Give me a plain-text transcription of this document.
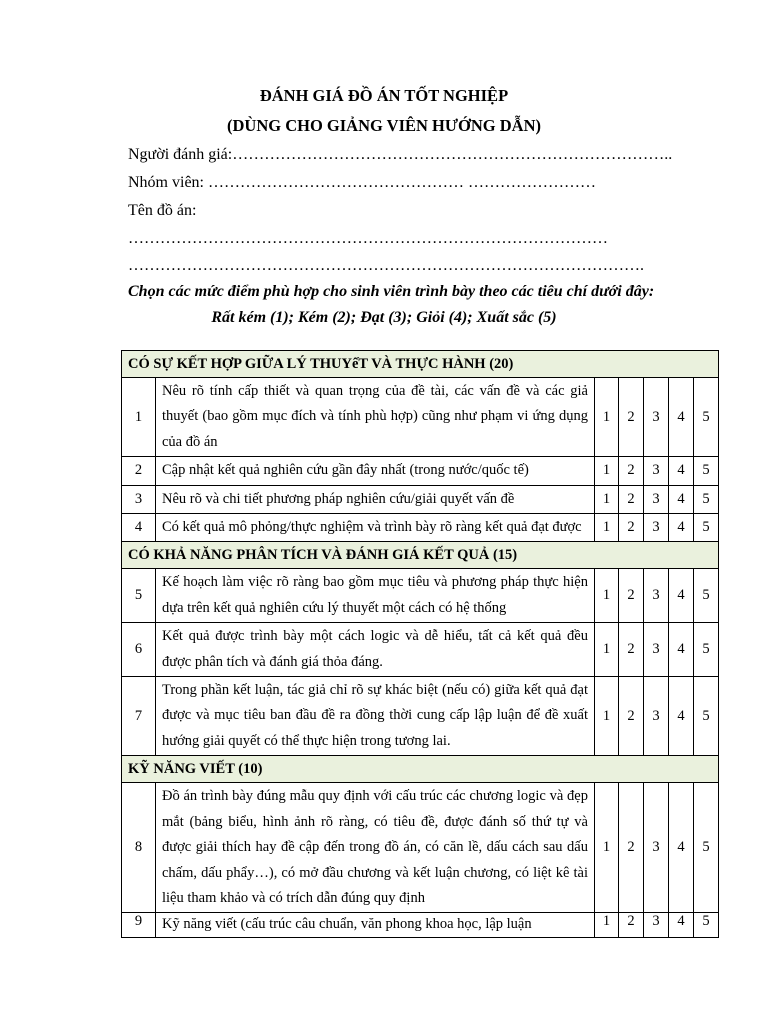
ĐÁNH GIÁ ĐỒ ÁN TỐT NGHIỆP
(DÙNG CHO GIẢNG VIÊN HƯỚNG DẪN)
Người đánh giá:………………………………………………………………………..
Nhóm viên: ………………………………………… ……………………
Tên đồ án:
………………………………………………………………………………
…………………………………………………………………………………….
Chọn các mức điểm phù hợp cho sinh viên trình bày theo các tiêu chí dưới đây:
Rất kém (1); Kém (2); Đạt (3); Giỏi (4); Xuất sắc (5)
CÓ SỰ KẾT HỢP GIỮA LÝ THUYếT VÀ THỰC HÀNH (20)						
1	Nêu rõ tính cấp thiết và quan trọng của đề tài, các vấn đề và các giả thuyết (bao gồm mục đích và tính phù hợp) cũng như phạm vi ứng dụng của đồ án	1	2	3	4	5
2	Cập nhật kết quả nghiên cứu gần đây nhất (trong nước/quốc tế)	1	2	3	4	5
3	Nêu rõ và chi tiết phương pháp nghiên cứu/giải quyết vấn đề	1	2	3	4	5
4	Có kết quả mô phỏng/thực nghiệm và trình bày rõ ràng kết quả đạt được	1	2	3	4	5
CÓ KHẢ NĂNG PHÂN TÍCH VÀ ĐÁNH GIÁ KẾT QUẢ (15)						
5	Kế hoạch làm việc rõ ràng bao gồm mục tiêu và phương pháp thực hiện dựa trên kết quả nghiên cứu lý thuyết một cách có hệ thống	1	2	3	4	5
6	Kết quả được trình bày một cách logic và dễ hiểu, tất cả kết quả đều được phân tích và đánh giá thỏa đáng.	1	2	3	4	5
7	Trong phần kết luận, tác giả chỉ rõ sự khác biệt (nếu có) giữa kết quả đạt được và mục tiêu ban đầu đề ra đồng thời cung cấp lập luận để đề xuất hướng giải quyết có thể thực hiện trong tương lai.	1	2	3	4	5
KỸ NĂNG VIẾT (10)						
8	Đồ án trình bày đúng mẫu quy định với cấu trúc các chương logic và đẹp mắt (bảng biểu, hình ảnh rõ ràng, có tiêu đề, được đánh số thứ tự và được giải thích hay đề cập đến trong đồ án, có căn lề, dấu cách sau dấu chấm, dấu phẩy…), có mở đầu chương và kết luận chương, có liệt kê tài liệu tham khảo và có trích dẫn đúng quy định	1	2	3	4	5
9	Kỹ năng viết (cấu trúc câu chuẩn, văn phong khoa học, lập luận	1	2	3	4	5
